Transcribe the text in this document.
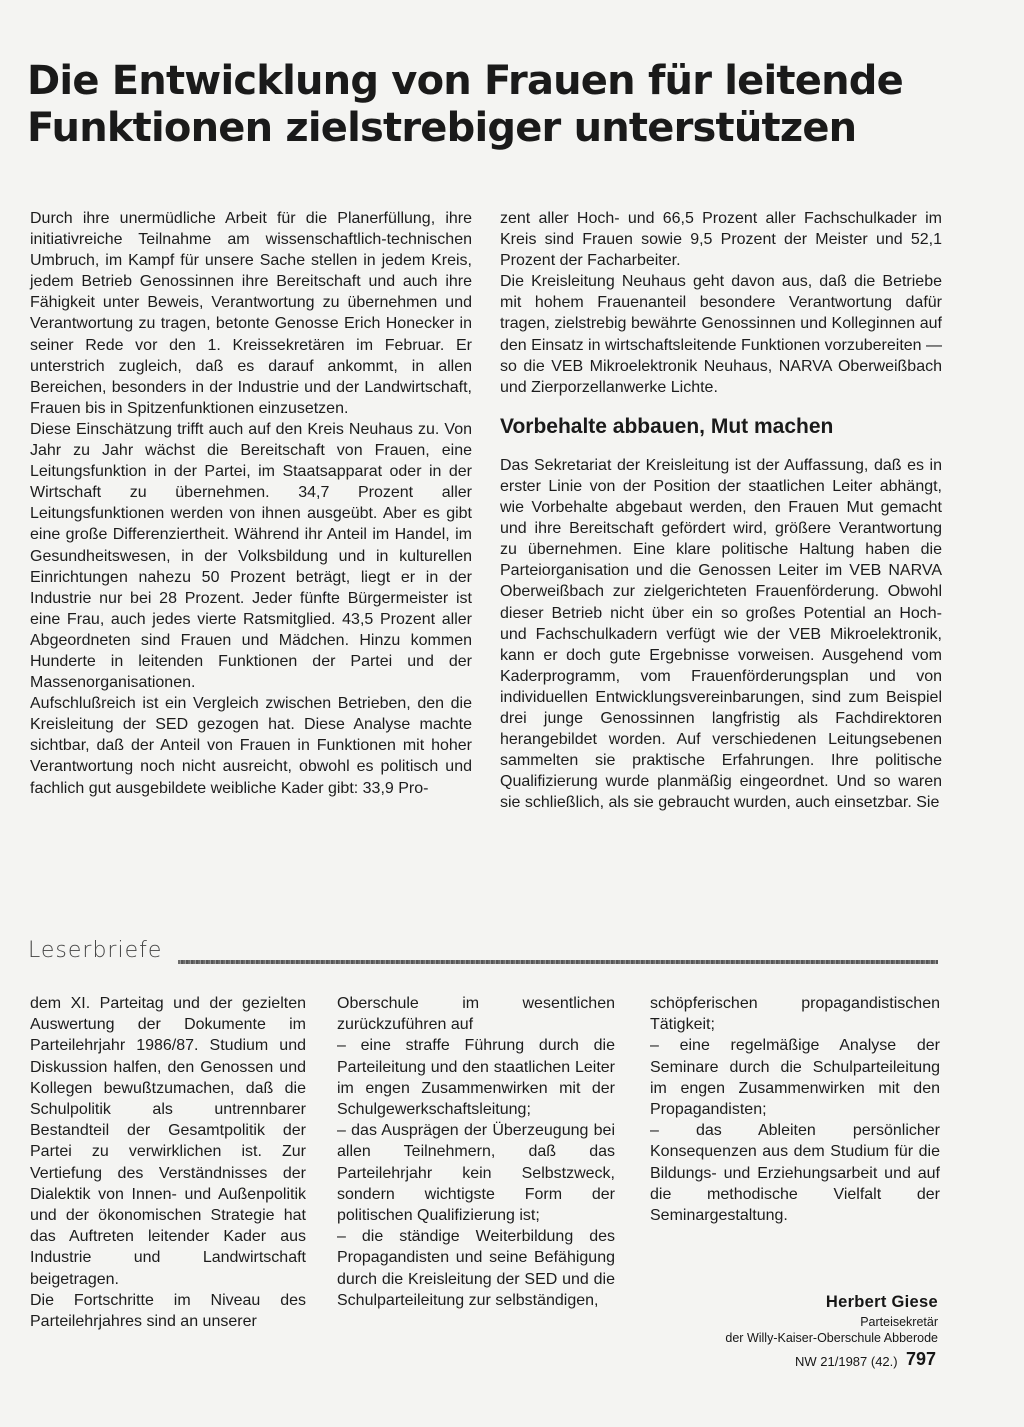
Die Entwicklung von Frauen für leitende
Funktionen zielstrebiger unterstützen

Durch ihre unermüdliche Arbeit für die Planerfüllung, ihre initiativreiche Teilnahme am wissenschaftlich-technischen Umbruch, im Kampf für unsere Sache stellen in jedem Kreis, jedem Betrieb Genossinnen ihre Bereitschaft und auch ihre Fähigkeit unter Beweis, Verantwortung zu übernehmen und Verantwortung zu tragen, betonte Genosse Erich Honecker in seiner Rede vor den 1. Kreissekretären im Februar. Er unterstrich zugleich, daß es darauf ankommt, in allen Bereichen, besonders in der Industrie und der Landwirtschaft, Frauen bis in Spitzenfunktionen einzusetzen.

Diese Einschätzung trifft auch auf den Kreis Neuhaus zu. Von Jahr zu Jahr wächst die Bereitschaft von Frauen, eine Leitungsfunktion in der Partei, im Staatsapparat oder in der Wirtschaft zu übernehmen. 34,7 Prozent aller Leitungsfunktionen werden von ihnen ausgeübt. Aber es gibt eine große Differenziertheit. Während ihr Anteil im Handel, im Gesundheitswesen, in der Volksbildung und in kulturellen Einrichtungen nahezu 50 Prozent beträgt, liegt er in der Industrie nur bei 28 Prozent. Jeder fünfte Bürgermeister ist eine Frau, auch jedes vierte Ratsmitglied. 43,5 Prozent aller Abgeordneten sind Frauen und Mädchen. Hinzu kommen Hunderte in leitenden Funktionen der Partei und der Massenorganisationen.

Aufschlußreich ist ein Vergleich zwischen Betrieben, den die Kreisleitung der SED gezogen hat. Diese Analyse machte sichtbar, daß der Anteil von Frauen in Funktionen mit hoher Verantwortung noch nicht ausreicht, obwohl es politisch und fachlich gut ausgebildete weibliche Kader gibt: 33,9 Pro-

zent aller Hoch- und 66,5 Prozent aller Fachschulkader im Kreis sind Frauen sowie 9,5 Prozent der Meister und 52,1 Prozent der Facharbeiter.

Die Kreisleitung Neuhaus geht davon aus, daß die Betriebe mit hohem Frauenanteil besondere Verantwortung dafür tragen, zielstrebig bewährte Genossinnen und Kolleginnen auf den Einsatz in wirtschaftsleitende Funktionen vorzubereiten — so die VEB Mikroelektronik Neuhaus, NARVA Oberweißbach und Zierporzellanwerke Lichte.

Vorbehalte abbauen, Mut machen

Das Sekretariat der Kreisleitung ist der Auffassung, daß es in erster Linie von der Position der staatlichen Leiter abhängt, wie Vorbehalte abgebaut werden, den Frauen Mut gemacht und ihre Bereitschaft gefördert wird, größere Verantwortung zu übernehmen. Eine klare politische Haltung haben die Parteiorganisation und die Genossen Leiter im VEB NARVA Oberweißbach zur zielgerichteten Frauenförderung. Obwohl dieser Betrieb nicht über ein so großes Potential an Hoch- und Fachschulkadern verfügt wie der VEB Mikroelektronik, kann er doch gute Ergebnisse vorweisen. Ausgehend vom Kaderprogramm, vom Frauenförderungsplan und von individuellen Entwicklungsvereinbarungen, sind zum Beispiel drei junge Genossinnen langfristig als Fachdirektoren herangebildet worden. Auf verschiedenen Leitungsebenen sammelten sie praktische Erfahrungen. Ihre politische Qualifizierung wurde planmäßig eingeordnet. Und so waren sie schließlich, als sie gebraucht wurden, auch einsetzbar. Sie

Leserbriefe

dem XI. Parteitag und der gezielten Auswertung der Dokumente im Parteilehrjahr 1986/87. Studium und Diskussion halfen, den Genossen und Kollegen bewußtzumachen, daß die Schulpolitik als untrennbarer Bestandteil der Gesamtpolitik der Partei zu verwirklichen ist. Zur Vertiefung des Verständnisses der Dialektik von Innen- und Außenpolitik und der ökonomischen Strategie hat das Auftreten leitender Kader aus Industrie und Landwirtschaft beigetragen.

Die Fortschritte im Niveau des Parteilehrjahres sind an unserer

Oberschule im wesentlichen zurückzuführen auf

– eine straffe Führung durch die Parteileitung und den staatlichen Leiter im engen Zusammenwirken mit der Schulgewerkschaftsleitung;

– das Ausprägen der Überzeugung bei allen Teilnehmern, daß das Parteilehrjahr kein Selbstzweck, sondern wichtigste Form der politischen Qualifizierung ist;

– die ständige Weiterbildung des Propagandisten und seine Befähigung durch die Kreisleitung der SED und die Schulparteileitung zur selbständigen,

schöpferischen propagandistischen Tätigkeit;

– eine regelmäßige Analyse der Seminare durch die Schulparteileitung im engen Zusammenwirken mit den Propagandisten;

– das Ableiten persönlicher Konsequenzen aus dem Studium für die Bildungs- und Erziehungsarbeit und auf die methodische Vielfalt der Seminargestaltung.

Herbert Giese
Parteisekretär
der Willy-Kaiser-Oberschule Abberode
NW 21/1987 (42.) 797
